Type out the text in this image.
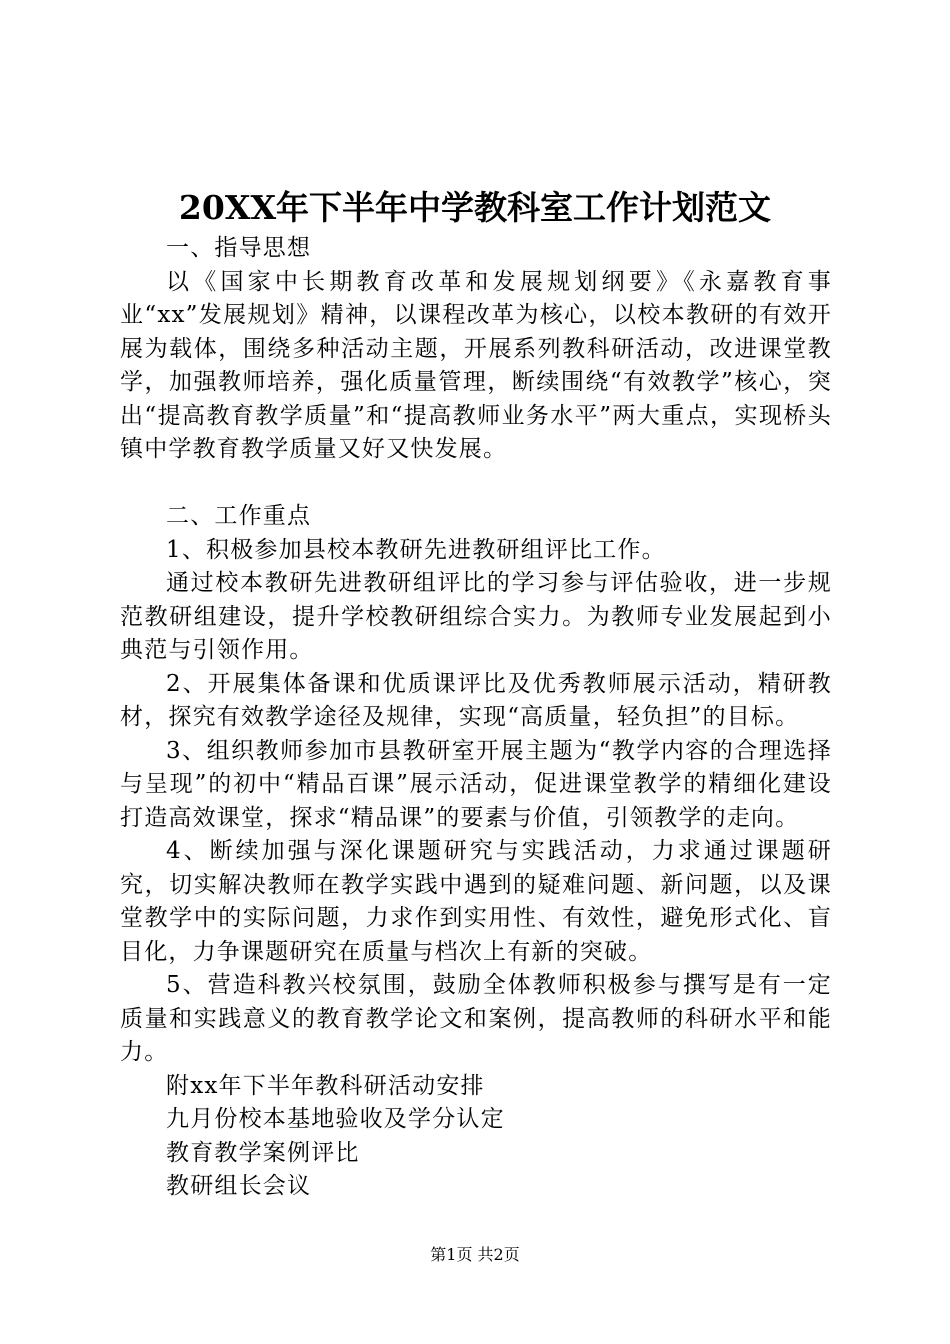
20XX年下半年中学教科室工作计划范文

一、指导思想

以《国家中长期教育改革和发展规划纲要》《永嘉教育事业“xx”发展规划》精神，以课程改革为核心，以校本教研的有效开展为载体，围绕多种活动主题，开展系列教科研活动，改进课堂教学，加强教师培养，强化质量管理，断续围绕“有效教学”核心，突出“提高教育教学质量”和“提高教师业务水平”两大重点，实现桥头镇中学教育教学质量又好又快发展。

二、工作重点

1、积极参加县校本教研先进教研组评比工作。

通过校本教研先进教研组评比的学习参与评估验收，进一步规范教研组建设，提升学校教研组综合实力。为教师专业发展起到小典范与引领作用。

2、开展集体备课和优质课评比及优秀教师展示活动，精研教材，探究有效教学途径及规律，实现“高质量，轻负担”的目标。

3、组织教师参加市县教研室开展主题为“教学内容的合理选择与呈现”的初中“精品百课”展示活动，促进课堂教学的精细化建设打造高效课堂，探求“精品课”的要素与价值，引领教学的走向。

4、断续加强与深化课题研究与实践活动，力求通过课题研究，切实解决教师在教学实践中遇到的疑难问题、新问题，以及课堂教学中的实际问题，力求作到实用性、有效性，避免形式化、盲目化，力争课题研究在质量与档次上有新的突破。

5、营造科教兴校氛围，鼓励全体教师积极参与撰写是有一定质量和实践意义的教育教学论文和案例，提高教师的科研水平和能力。

附xx年下半年教科研活动安排

九月份校本基地验收及学分认定

教育教学案例评比

教研组长会议

第1页 共2页
